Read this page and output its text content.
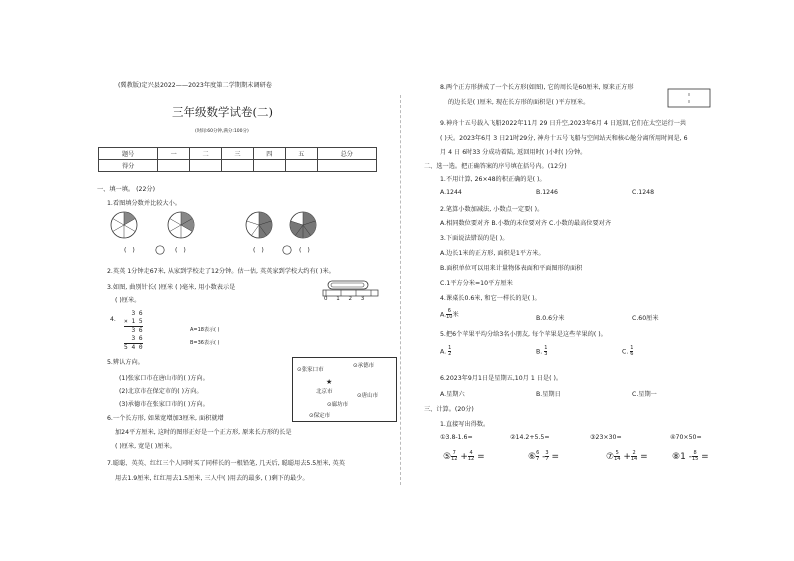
(冀教版)定兴县2022——2023年度第二学期期末调研卷
三年级数学试卷(二)
(时间:60分钟,满分:100分)
题号	一	二	三	四	五	总分
得分						
一、填一填。 (22分)
1.看图填分数并比较大小。
( )	( )	( )	( )
2.英英 1分钟走67米, 从家到学校走了12分钟。估一估, 英英家到学校大约有( )米。
3.如图, 曲别针长( )厘米 ( )毫米, 用小数表示是
( )厘米。	0 1 2 3
4.
3 6
× 1 5
3 6
3 6
5 4 0
A=18表示( )
B=36表示( )
5.辨认方向。
(1)张家口市在唐山市的( )方向。
(2)北京市在保定市的( )方向。
(3)承德市在张家口市的( )方向。
⊙张家口市
⊙承德市
★
北京市
⊙廊坊市
⊙唐山市
⊙保定市
6.一个长方形, 如果宽增加3厘米, 面积就增
加24平方厘米, 这时的图形正好是一个正方形, 原来长方形的长是
( )厘米, 宽是( )厘米。
7.聪聪、英英、红红三个人同时买了同样长的一根铅笔, 几天后, 聪聪用去5.5厘米, 英英
用去1.9厘米, 红红用去1.5厘米, 三人中( )用去的最多, ( )剩下的最少。
8.两个正方形拼成了一个长方形(如图), 它的周长是60厘米, 原来正方形
的边长是( )厘米, 现在长方形的面积是( )平方厘米。
9.神舟十五号载入飞船2022年11月 29 日升空,2023年6月 4 日返回,它们在太空运行一共
( )天。2023年6月 3 日21时29分, 神舟十五号飞船与空间站天和核心舱分离所用时间是, 6
月 4 日 6时33 分成功着陆, 返回用时( )小时( )分钟。
二、选一选。把正确答案的序号填在括号内。(12分)
1.不用计算, 26×48的积正确的是( )。
A.1244	B.1246	C.1248
2.笔算小数加减法, 小数点一定要( )。
A.相同数位要对齐 B.小数的末位要对齐 C.小数的最高位要对齐
3.下面说法错误的是( )。
A.边长1米的正方形, 面积是1平方米。
B.面积单位可以用来计量物体表面和平面图形的面积
C.1平方分米=10平方厘米
4.课桌长0.6米, 和它一样长的是( )。
A. $\frac{6}{10}$ 米	B.0.6分米	C.60厘米
5.把6个苹果平均分给3名小朋友, 每个苹果是这些苹果的( )。
A. $\frac{1}{2}$	B. $\frac{1}{3}$	C. $\frac{1}{6}$
6.2023年9月1日是星期五,10月 1 日是( )。
A.星期六	B.星期日	C.星期一
三、计算。(20分)
1.直接写出得数。
①3.8-1.6=	②14.2+5.5=	③23×30=	④70×50=
⑤ $\frac{7}{12} + \frac{4}{12}$ =	⑥ $\frac{6}{7} - \frac{3}{7}$ =	⑦ $\frac{5}{14} + \frac{2}{14}$ =	⑧1 - $\frac{8}{15}$ =
